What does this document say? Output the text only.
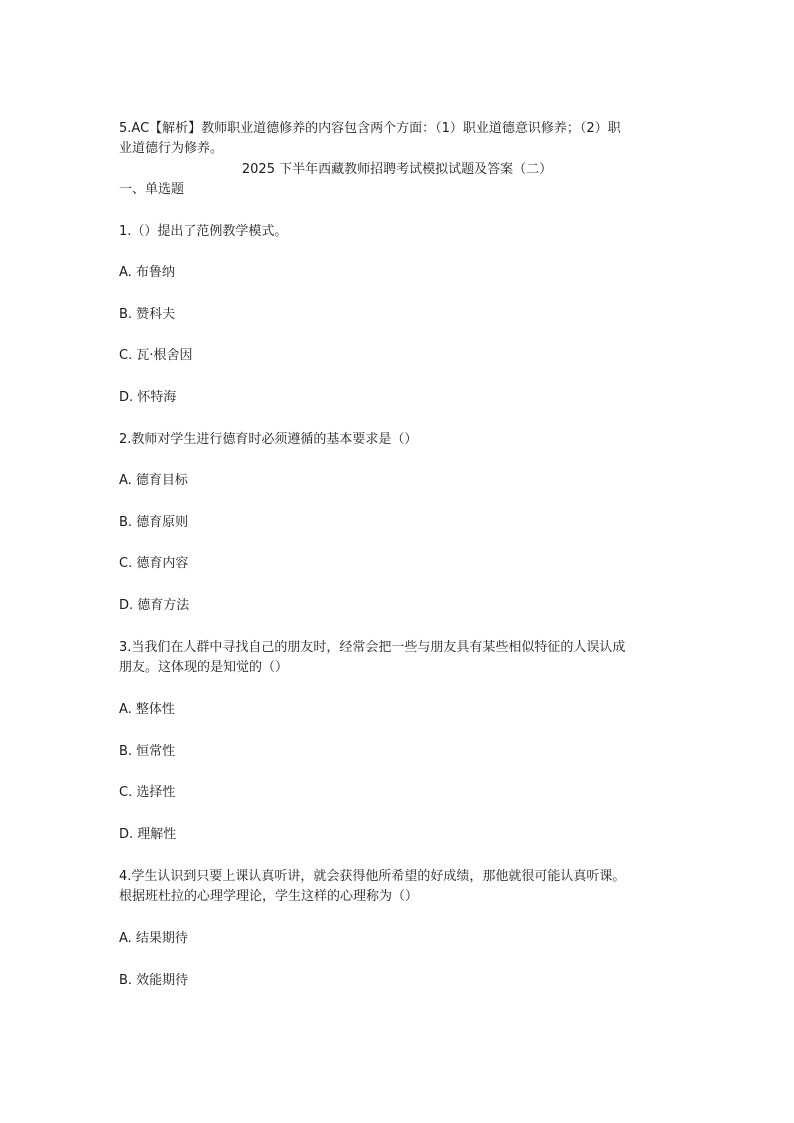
5.AC【解析】教师职业道德修养的内容包含两个方面：（1）职业道德意识修养；（2）职
业道德行为修养。
2025 下半年西藏教师招聘考试模拟试题及答案（二）
一、单选题
1.（）提出了范例教学模式。
A. 布鲁纳
B. 赞科夫
C. 瓦·根舍因
D. 怀特海
2.教师对学生进行德育时必须遵循的基本要求是（）
A. 德育目标
B. 德育原则
C. 德育内容
D. 德育方法
3.当我们在人群中寻找自己的朋友时，经常会把一些与朋友具有某些相似特征的人误认成
朋友。这体现的是知觉的（）
A. 整体性
B. 恒常性
C. 选择性
D. 理解性
4.学生认识到只要上课认真听讲，就会获得他所希望的好成绩，那他就很可能认真听课。
根据班杜拉的心理学理论，学生这样的心理称为（）
A. 结果期待
B. 效能期待
